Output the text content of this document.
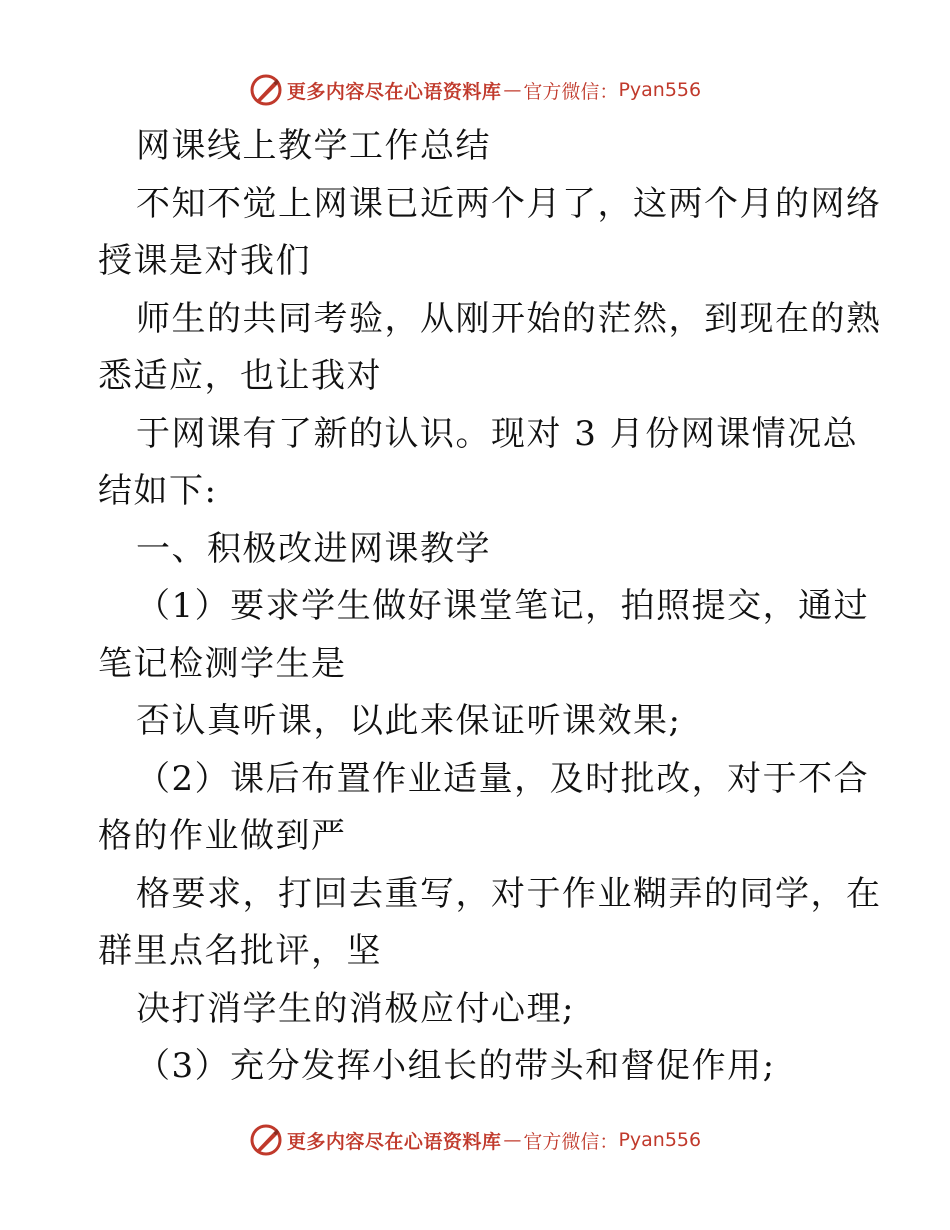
更多内容尽在心语资料库 — 官方微信： Pyan556
网课线上教学工作总结
不知不觉上网课已近两个月了，这两个月的网络
授课是对我们
师生的共同考验，从刚开始的茫然，到现在的熟
悉适应，也让我对
于网课有了新的认识。现对 3 月份网课情况总
结如下:
一、积极改进网课教学
（1）要求学生做好课堂笔记，拍照提交，通过
笔记检测学生是
否认真听课，以此来保证听课效果;
（2）课后布置作业适量，及时批改，对于不合
格的作业做到严
格要求，打回去重写，对于作业糊弄的同学，在
群里点名批评，坚
决打消学生的消极应付心理;
（3）充分发挥小组长的带头和督促作用;
更多内容尽在心语资料库 — 官方微信： Pyan556
